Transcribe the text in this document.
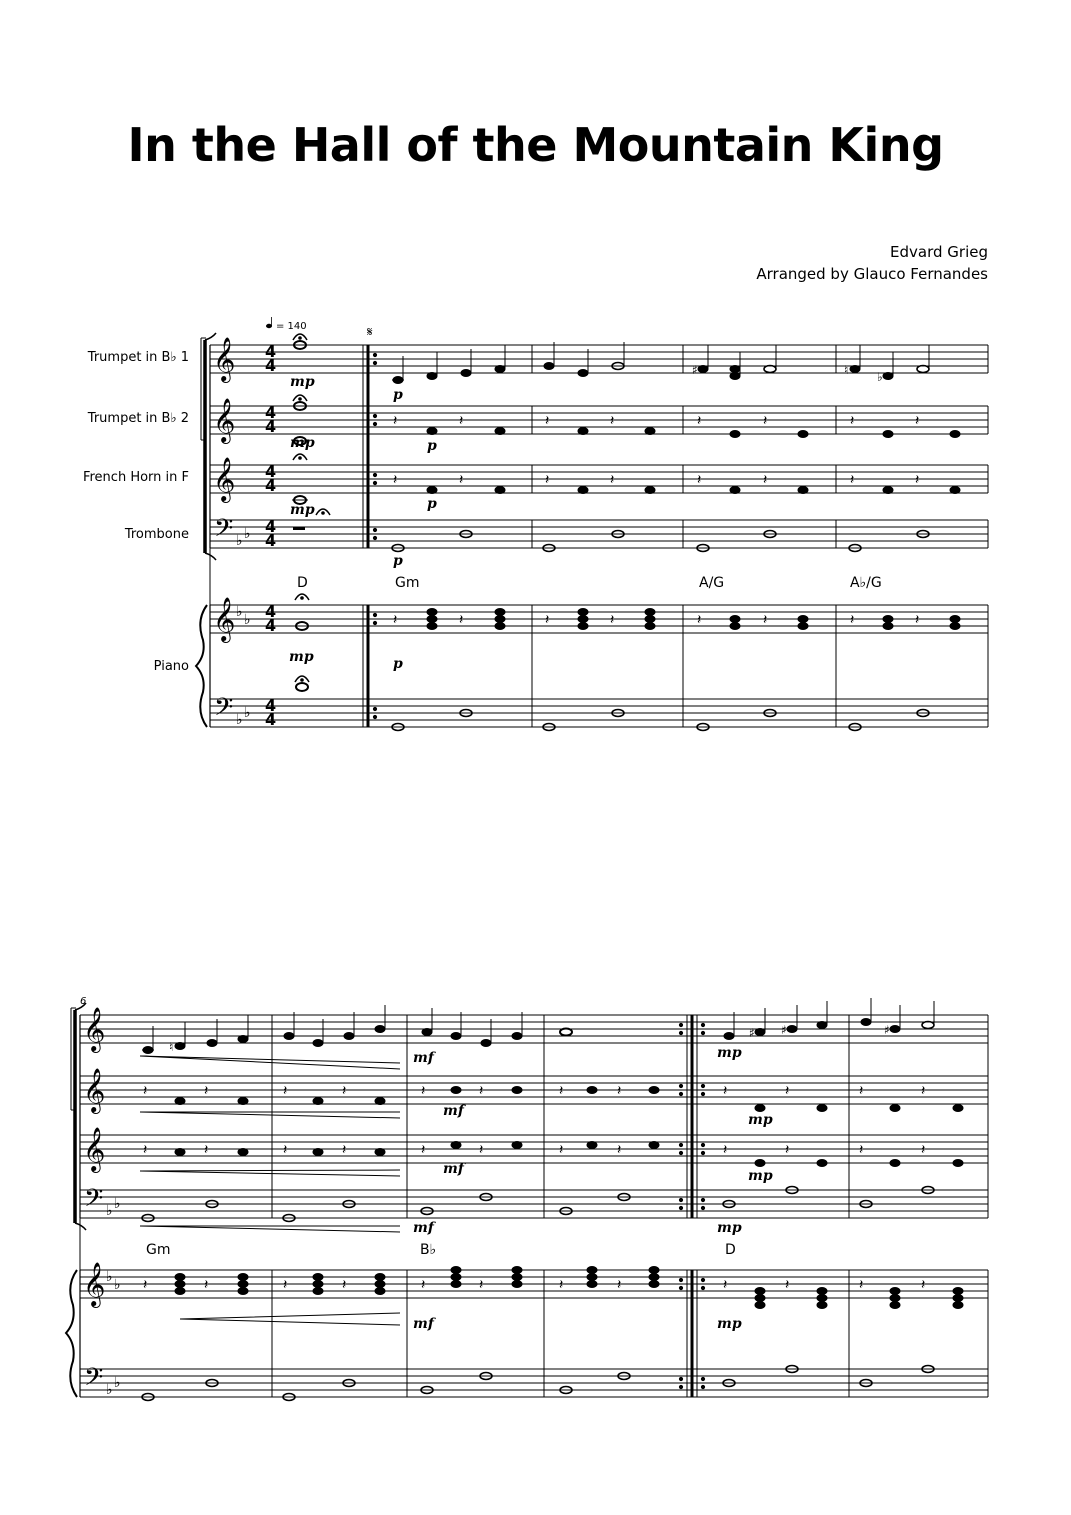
In the Hall of the Mountain King
Edvard Grieg
Arranged by Glauco Fernandes
𝄞
𝄞
𝄞
𝄢
𝄞
𝄢
♭ ♭
♭ ♭
♭ ♭
4
4
4
4
4
4
4
4
4
4
4
4
♯	♮ ♭
𝄽	𝄽	𝄽	𝄽	𝄽	𝄽	𝄽	𝄽
𝄽	𝄽	𝄽	𝄽	𝄽	𝄽	𝄽	𝄽
𝄽	𝄽	𝄽	𝄽	𝄽	𝄽	𝄽	𝄽
Trumpet in B♭ 1
Trumpet in B♭ 2
French Horn in F
Trombone
Piano
= 140	𝄋
D	Gm	A/G	A♭/G
mp
mp
mp
mp
p
p
p
p
p
𝄞
𝄞
𝄞
𝄢
𝄞
𝄢
♭ ♭
♭ ♭
♭ ♭
6
♮
♯ ♯	♯
𝄽	𝄽	𝄽	𝄽	𝄽	𝄽	𝄽	𝄽	𝄽	𝄽	𝄽	𝄽
𝄽	𝄽	𝄽	𝄽	𝄽	𝄽	𝄽	𝄽	𝄽	𝄽	𝄽	𝄽
𝄽	𝄽	𝄽	𝄽	𝄽	𝄽	𝄽	𝄽	𝄽	𝄽	𝄽	𝄽
Gm	B♭	D
mf
mf
mf
mf
mf
mp
mp
mp
mp
mp
